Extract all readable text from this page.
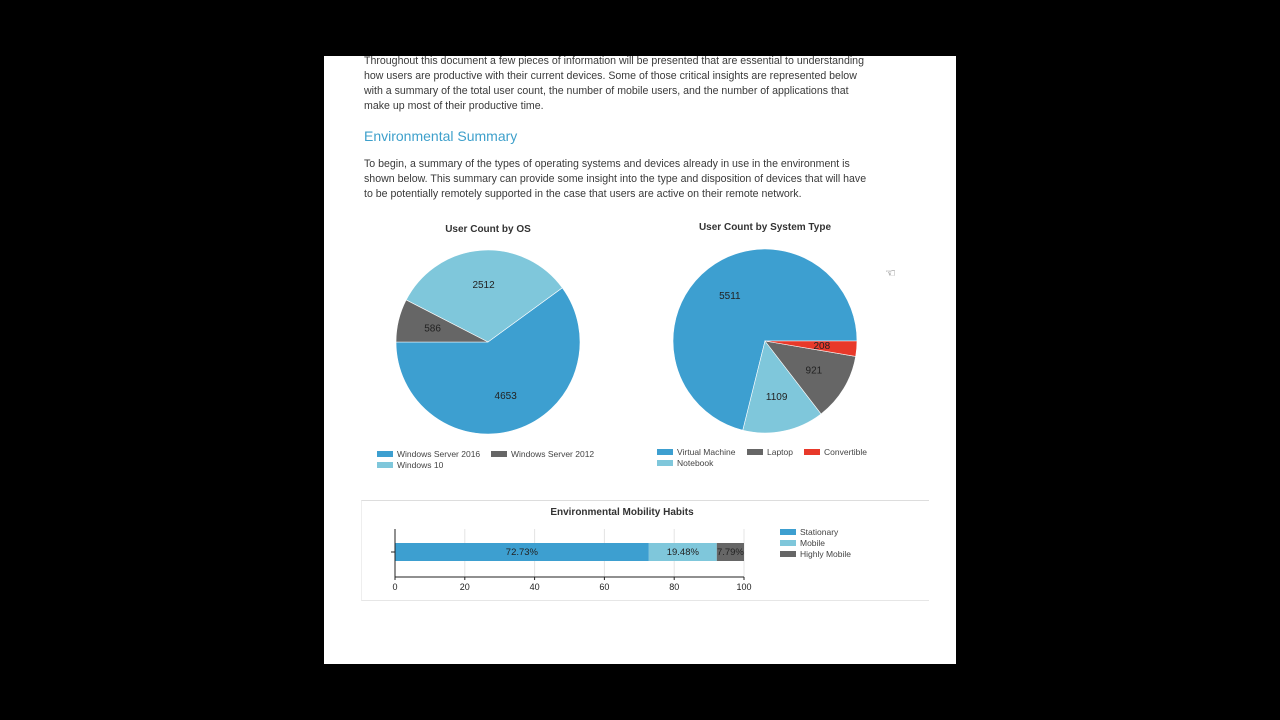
Throughout this document a few pieces of information will be presented that are essential to understanding how users are productive with their current devices. Some of those critical insights are represented below with a summary of the total user count, the number of mobile users, and the number of applications that make up most of their productive time.

Environmental Summary

To begin, a summary of the types of operating systems and devices already in use in the environment is shown below. This summary can provide some insight into the type and disposition of devices that will have to be potentially remotely supported in the case that users are active on their remote network.

User Count by OS
4653
2512
586
Windows Server 2016	Windows Server 2012
Windows 10
User Count by System Type
5511
1109
921
208
Virtual Machine	Laptop	Convertible
Notebook
Environmental Mobility Habits
72.73%	19.48% 7.79%
0	20	40	60	80	100
Stationary
Mobile
Highly Mobile
☜
